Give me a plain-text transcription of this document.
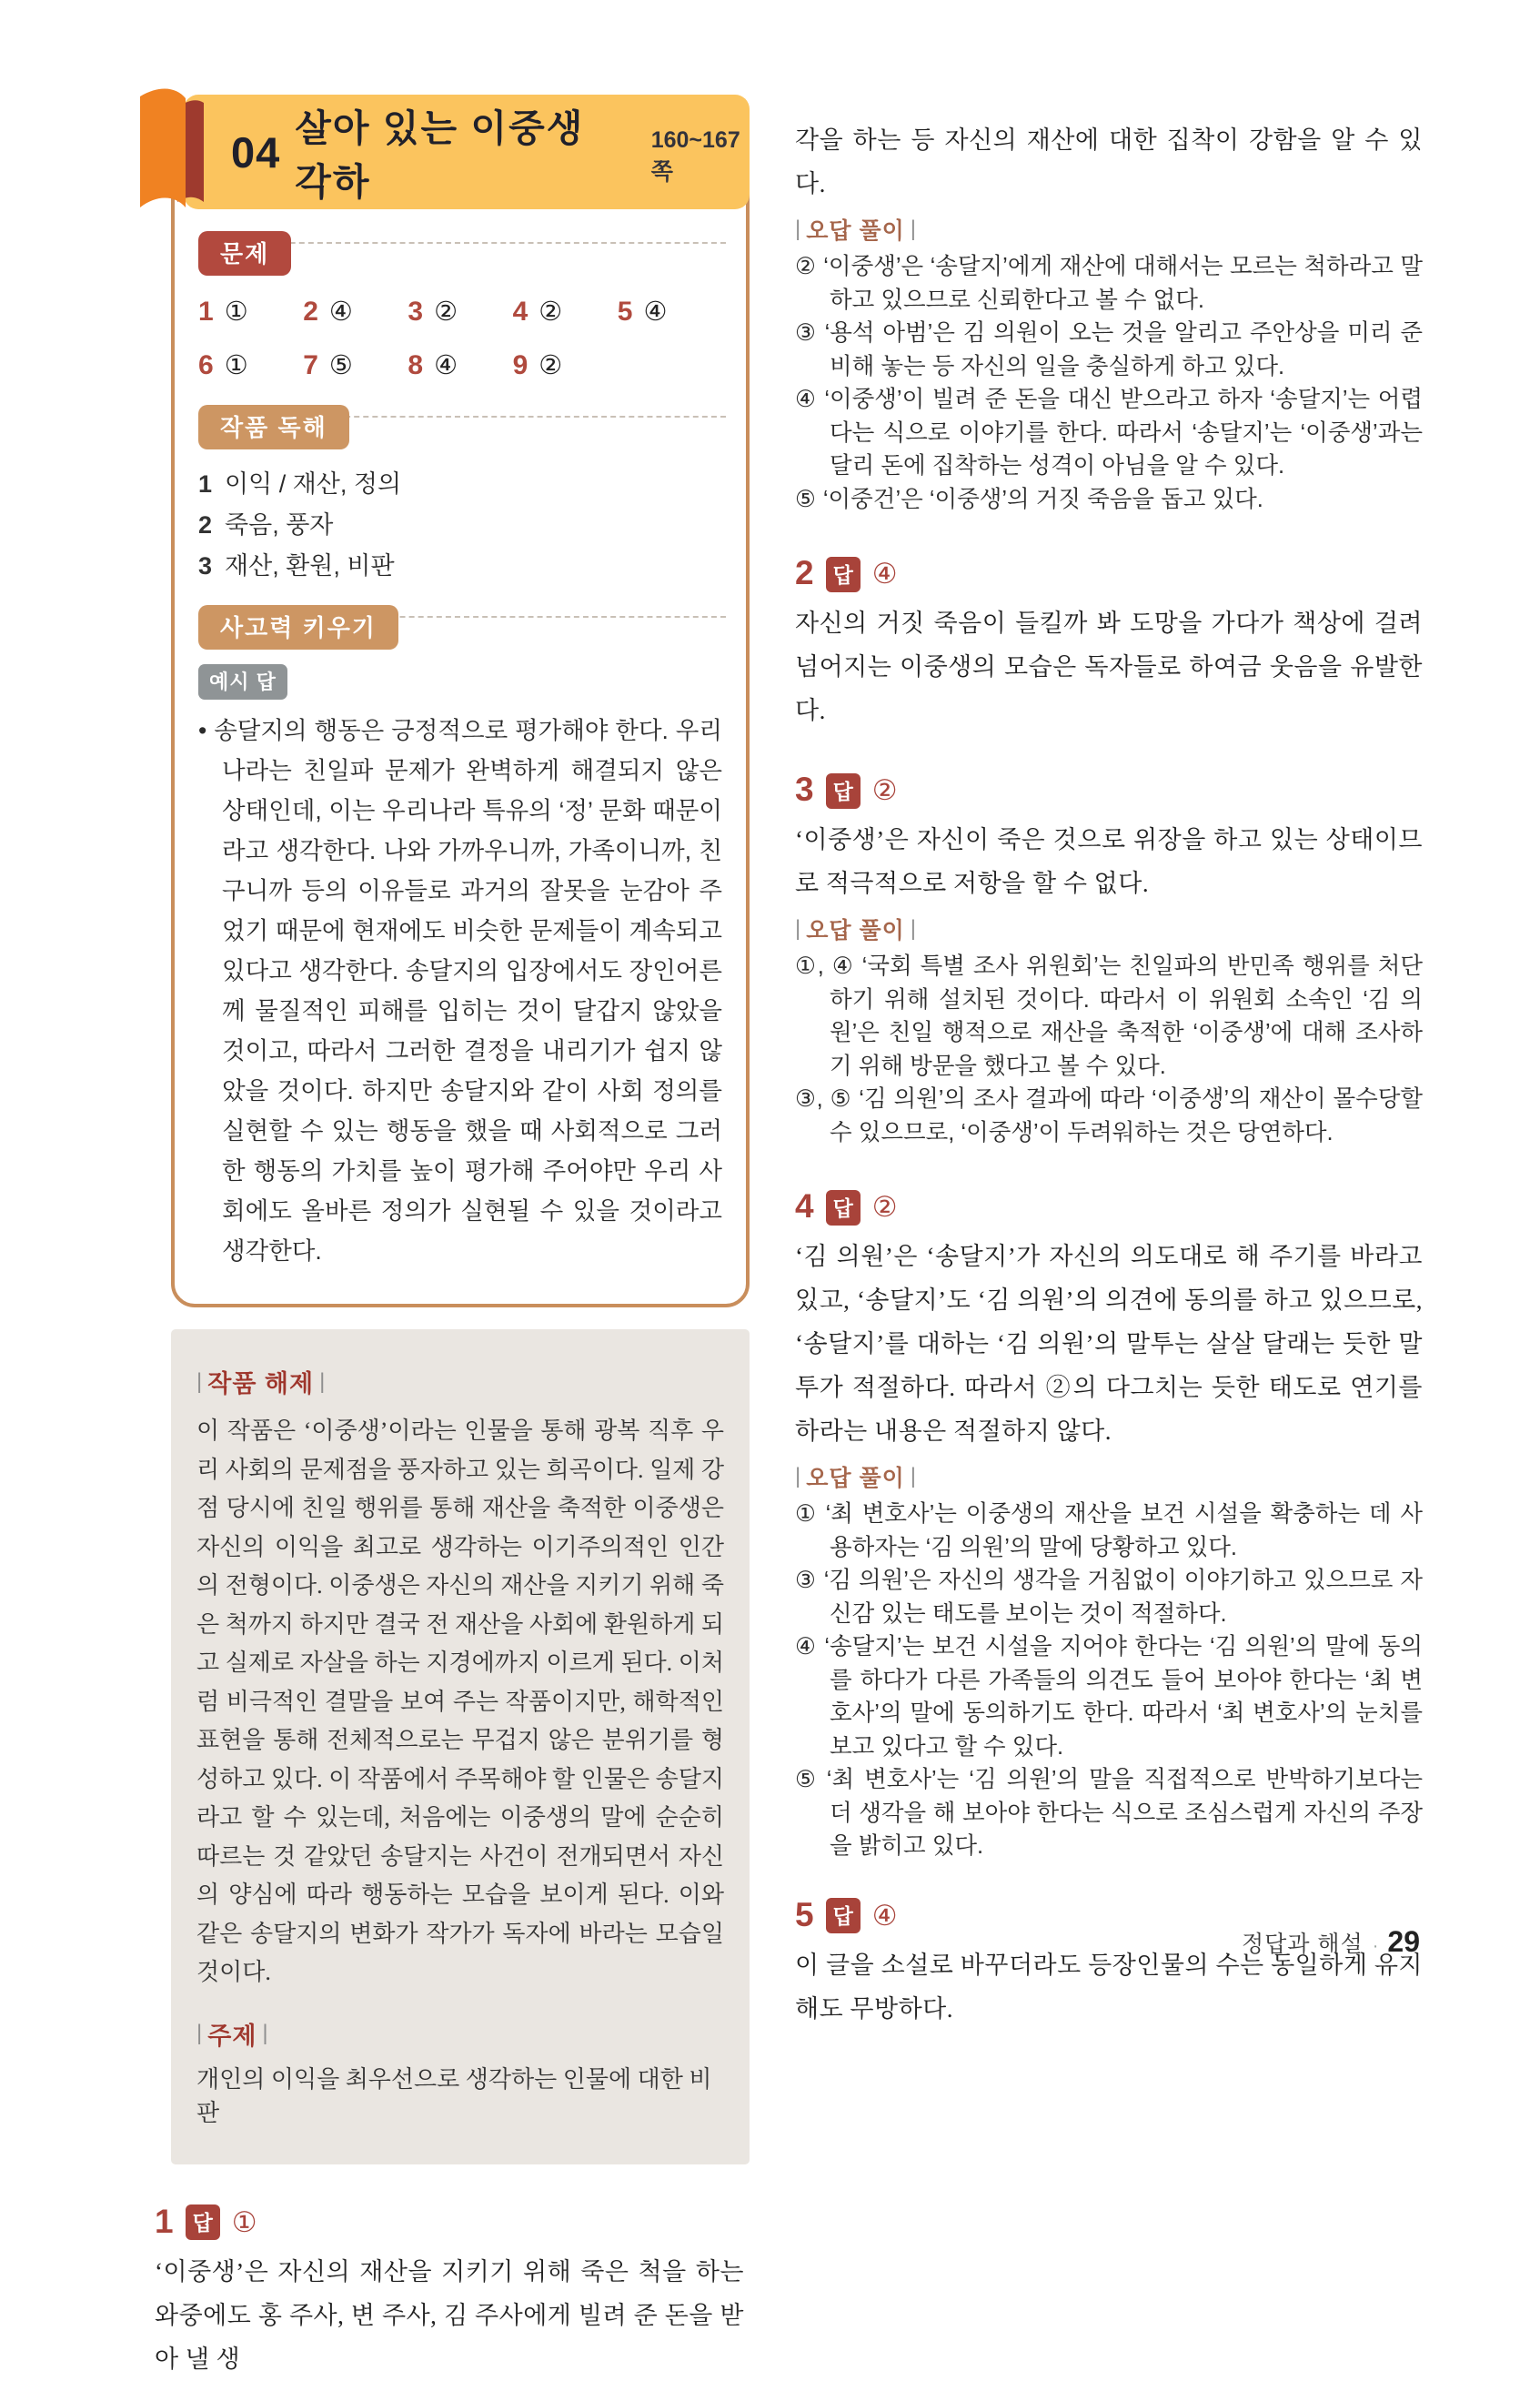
04 살아 있는 이중생 각하
160~167쪽
문제
1 ① 2 ④ 3 ② 4 ② 5 ④
6 ① 7 ⑤ 8 ④ 9 ②
작품 독해
1 이익 / 재산, 정의
2 죽음, 풍자
3 재산, 환원, 비판
사고력 키우기
예시 답

• 송달지의 행동은 긍정적으로 평가해야 한다. 우리나라는 친일파 문제가 완벽하게 해결되지 않은 상태인데, 이는 우리나라 특유의 ‘정’ 문화 때문이라고 생각한다. 나와 가까우니까, 가족이니까, 친구니까 등의 이유들로 과거의 잘못을 눈감아 주었기 때문에 현재에도 비슷한 문제들이 계속되고 있다고 생각한다. 송달지의 입장에서도 장인어른께 물질적인 피해를 입히는 것이 달갑지 않았을 것이고, 따라서 그러한 결정을 내리기가 쉽지 않았을 것이다. 하지만 송달지와 같이 사회 정의를 실현할 수 있는 행동을 했을 때 사회적으로 그러한 행동의 가치를 높이 평가해 주어야만 우리 사회에도 올바른 정의가 실현될 수 있을 것이라고 생각한다.

| 작품 해제 |

이 작품은 ‘이중생’이라는 인물을 통해 광복 직후 우리 사회의 문제점을 풍자하고 있는 희곡이다. 일제 강점 당시에 친일 행위를 통해 재산을 축적한 이중생은 자신의 이익을 최고로 생각하는 이기주의적인 인간의 전형이다. 이중생은 자신의 재산을 지키기 위해 죽은 척까지 하지만 결국 전 재산을 사회에 환원하게 되고 실제로 자살을 하는 지경에까지 이르게 된다. 이처럼 비극적인 결말을 보여 주는 작품이지만, 해학적인 표현을 통해 전체적으로는 무겁지 않은 분위기를 형성하고 있다. 이 작품에서 주목해야 할 인물은 송달지라고 할 수 있는데, 처음에는 이중생의 말에 순순히 따르는 것 같았던 송달지는 사건이 전개되면서 자신의 양심에 따라 행동하는 모습을 보이게 된다. 이와 같은 송달지의 변화가 작가가 독자에 바라는 모습일 것이다.

| 주제 |

개인의 이익을 최우선으로 생각하는 인물에 대한 비판

1 답 ①

‘이중생’은 자신의 재산을 지키기 위해 죽은 척을 하는 와중에도 홍 주사, 변 주사, 김 주사에게 빌려 준 돈을 받아 낼 생

각을 하는 등 자신의 재산에 대한 집착이 강함을 알 수 있다.

| 오답 풀이 |

② ‘이중생’은 ‘송달지’에게 재산에 대해서는 모르는 척하라고 말하고 있으므로 신뢰한다고 볼 수 없다.

③ ‘용석 아범’은 김 의원이 오는 것을 알리고 주안상을 미리 준비해 놓는 등 자신의 일을 충실하게 하고 있다.

④ ‘이중생’이 빌려 준 돈을 대신 받으라고 하자 ‘송달지’는 어렵다는 식으로 이야기를 한다. 따라서 ‘송달지’는 ‘이중생’과는 달리 돈에 집착하는 성격이 아님을 알 수 있다.

⑤ ‘이중건’은 ‘이중생’의 거짓 죽음을 돕고 있다.

2 답 ④

자신의 거짓 죽음이 들킬까 봐 도망을 가다가 책상에 걸려 넘어지는 이중생의 모습은 독자들로 하여금 웃음을 유발한다.

3 답 ②

‘이중생’은 자신이 죽은 것으로 위장을 하고 있는 상태이므로 적극적으로 저항을 할 수 없다.

| 오답 풀이 |

①, ④ ‘국회 특별 조사 위원회’는 친일파의 반민족 행위를 처단하기 위해 설치된 것이다. 따라서 이 위원회 소속인 ‘김 의원’은 친일 행적으로 재산을 축적한 ‘이중생’에 대해 조사하기 위해 방문을 했다고 볼 수 있다.

③, ⑤ ‘김 의원’의 조사 결과에 따라 ‘이중생’의 재산이 몰수당할 수 있으므로, ‘이중생’이 두려워하는 것은 당연하다.

4 답 ②

‘김 의원’은 ‘송달지’가 자신의 의도대로 해 주기를 바라고 있고, ‘송달지’도 ‘김 의원’의 의견에 동의를 하고 있으므로, ‘송달지’를 대하는 ‘김 의원’의 말투는 살살 달래는 듯한 말투가 적절하다. 따라서 ②의 다그치는 듯한 태도로 연기를 하라는 내용은 적절하지 않다.

| 오답 풀이 |

① ‘최 변호사’는 이중생의 재산을 보건 시설을 확충하는 데 사용하자는 ‘김 의원’의 말에 당황하고 있다.

③ ‘김 의원’은 자신의 생각을 거침없이 이야기하고 있으므로 자신감 있는 태도를 보이는 것이 적절하다.

④ ‘송달지’는 보건 시설을 지어야 한다는 ‘김 의원’의 말에 동의를 하다가 다른 가족들의 의견도 들어 보아야 한다는 ‘최 변호사’의 말에 동의하기도 한다. 따라서 ‘최 변호사’의 눈치를 보고 있다고 할 수 있다.

⑤ ‘최 변호사’는 ‘김 의원’의 말을 직접적으로 반박하기보다는 더 생각을 해 보아야 한다는 식으로 조심스럽게 자신의 주장을 밝히고 있다.

5 답 ④

이 글을 소설로 바꾸더라도 등장인물의 수는 동일하게 유지해도 무방하다.

정답과 해설 · 29
